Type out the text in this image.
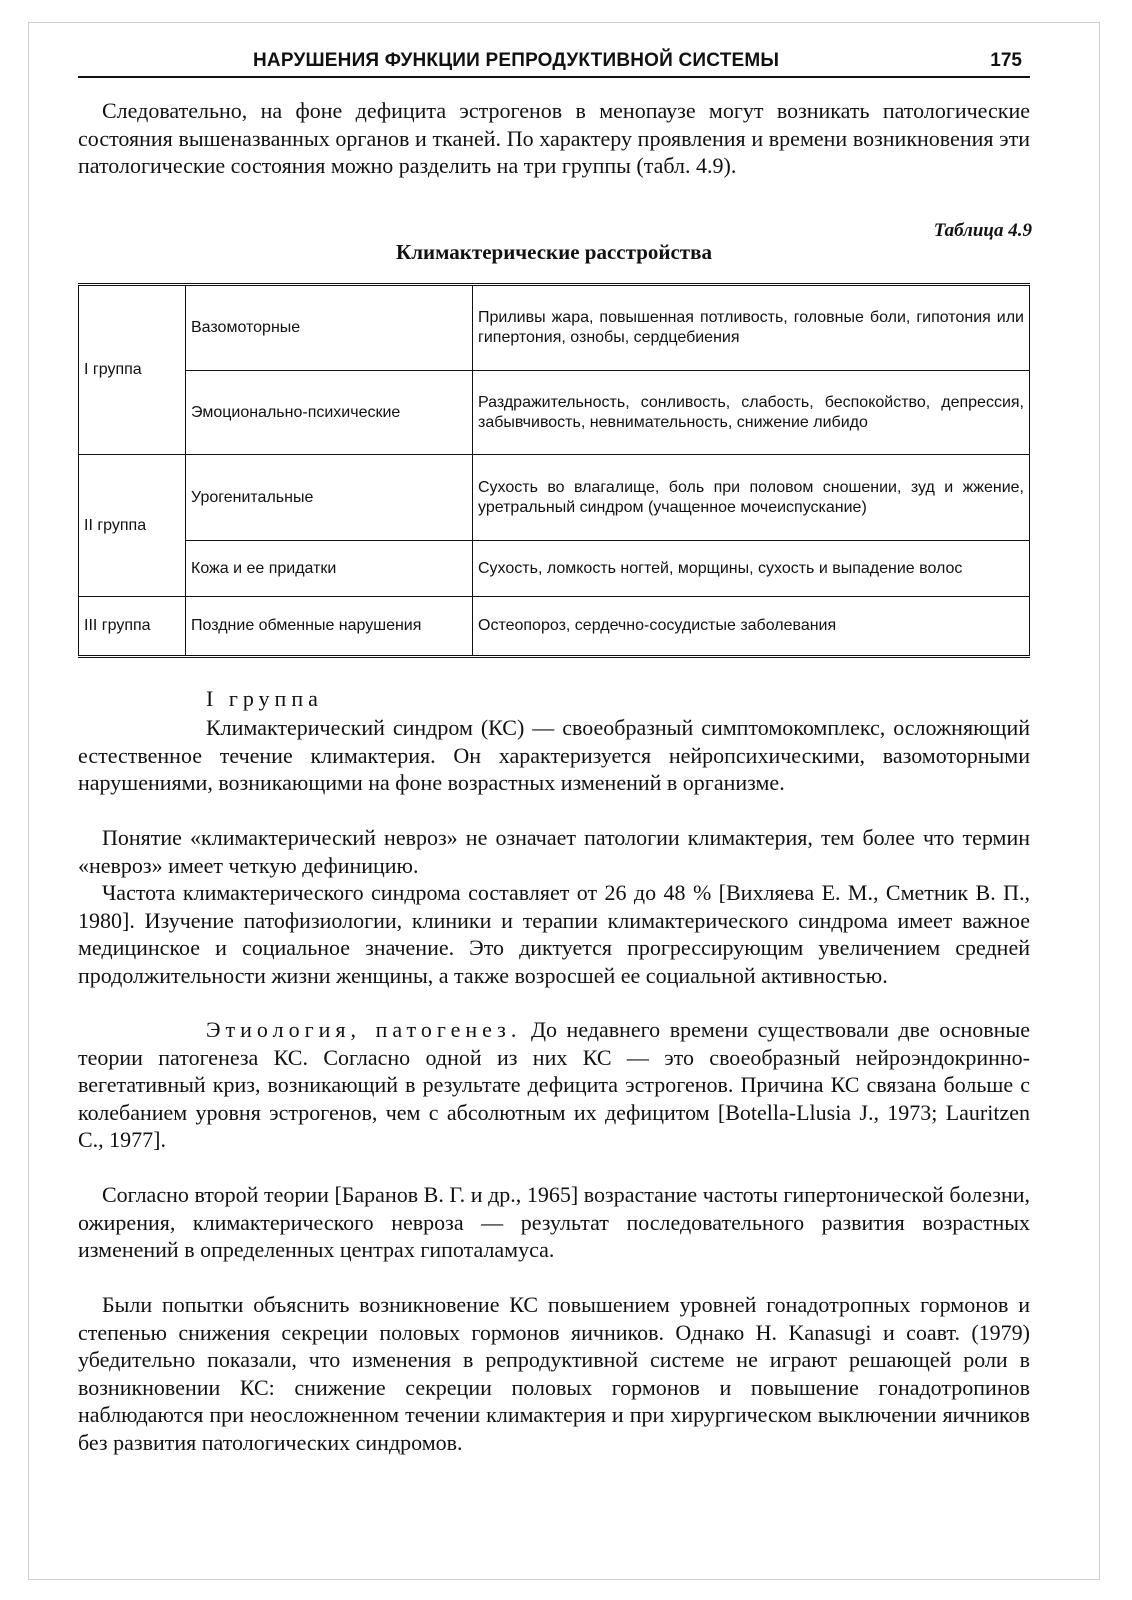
НАРУШЕНИЯ ФУНКЦИИ РЕПРОДУКТИВНОЙ СИСТЕМЫ	175

Следовательно, на фоне дефицита эстрогенов в менопаузе могут возникать патологические состояния вышеназванных органов и тканей. По характеру проявления и времени возникновения эти патологические состояния можно разделить на три группы (табл. 4.9).

Таблица 4.9
Климактерические расстройства
I группа	Вазомоторные	Приливы жара, повышенная потливость, головные боли, гипотония или гипертония, ознобы, сердцебиения
	Эмоционально-психические	Раздражительность, сонливость, слабость, беспокойство, депрессия, забывчивость, невнимательность, снижение либидо
II группа	Урогенитальные	Сухость во влагалище, боль при половом сношении, зуд и жжение, уретральный синдром (учащенное мочеиспускание)
	Кожа и ее придатки	Сухость, ломкость ногтей, морщины, сухость и выпадение волос
III группа	Поздние обменные нарушения	Остеопороз, сердечно-сосудистые заболевания
I группа

Климактерический синдром (КС) — своеобразный симптомокомплекс, осложняющий естественное течение климактерия. Он характеризуется нейропсихическими, вазомоторными нарушениями, возникающими на фоне возрастных изменений в организме.

Понятие «климактерический невроз» не означает патологии климактерия, тем более что термин «невроз» имеет четкую дефиницию.

Частота климактерического синдрома составляет от 26 до 48 % [Вихляева Е. М., Сметник В. П., 1980]. Изучение патофизиологии, клиники и терапии климактерического синдрома имеет важное медицинское и социальное значение. Это диктуется прогрессирующим увеличением средней продолжительности жизни женщины, а также возросшей ее социальной активностью.

Этиология, патогенез. До недавнего времени существовали две основные теории патогенеза КС. Согласно одной из них КС — это своеобразный нейроэндокринно-вегетативный криз, возникающий в результате дефицита эстрогенов. Причина КС связана больше с колебанием уровня эстрогенов, чем с абсолютным их дефицитом [Botella-Llusia J., 1973; Lauritzen C., 1977].

Согласно второй теории [Баранов В. Г. и др., 1965] возрастание частоты гипертонической болезни, ожирения, климактерического невроза — результат последовательного развития возрастных изменений в определенных центрах гипоталамуса.

Были попытки объяснить возникновение КС повышением уровней гонадотропных гормонов и степенью снижения секреции половых гормонов яичников. Однако H. Kanasugi и соавт. (1979) убедительно показали, что изменения в репродуктивной системе не играют решающей роли в возникновении КС: снижение секреции половых гормонов и повышение гонадотропинов наблюдаются при неосложненном течении климактерия и при хирургическом выключении яичников без развития патологических синдромов.
